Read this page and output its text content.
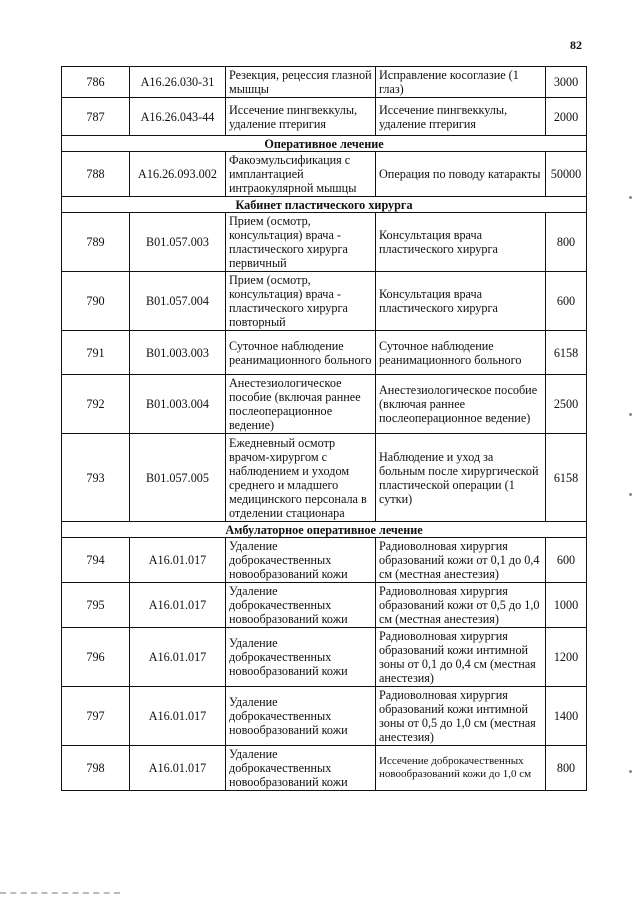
82
786	A16.26.030-31	Резекция, рецессия глазной мышцы	Исправление косоглазие (1 глаз)	3000
787	A16.26.043-44	Иссечение пингвеккулы, удаление птеригия	Иссечение пингвеккулы, удаление птеригия	2000
Оперативное лечение				
788	A16.26.093.002	Факоэмульсификация с имплантацией интраокулярной мышцы	Операция по поводу катаракты	50000
Кабинет пластического хирурга				
789	B01.057.003	Прием (осмотр, консультация) врача - пластического хирурга первичный	Консультация врача пластического хирурга	800
790	B01.057.004	Прием (осмотр, консультация) врача - пластического хирурга повторный	Консультация врача пластического хирурга	600
791	B01.003.003	Суточное наблюдение реанимационного больного	Суточное наблюдение реанимационного больного	6158
792	B01.003.004	Анестезиологическое пособие (включая раннее послеоперационное ведение)	Анестезиологическое пособие (включая раннее послеоперационное ведение)	2500
793	B01.057.005	Ежедневный осмотр врачом-хирургом с наблюдением и уходом среднего и младшего медицинского персонала в отделении стационара	Наблюдение и уход за больным после хирургической пластической операции (1 сутки)	6158
Амбулаторное оперативное лечение				
794	A16.01.017	Удаление доброкачественных новообразований кожи	Радиоволновая хирургия образований кожи от 0,1 до 0,4 см (местная анестезия)	600
795	A16.01.017	Удаление доброкачественных новообразований кожи	Радиоволновая хирургия образований кожи от 0,5 до 1,0 см (местная анестезия)	1000
796	A16.01.017	Удаление доброкачественных новообразований кожи	Радиоволновая хирургия образований кожи интимной зоны от 0,1 до 0,4 см (местная анестезия)	1200
797	A16.01.017	Удаление доброкачественных новообразований кожи	Радиоволновая хирургия образований кожи интимной зоны от 0,5 до 1,0 см (местная анестезия)	1400
798	A16.01.017	Удаление доброкачественных новообразований кожи	Иссечение доброкачественных новообразований кожи до 1,0 см	800
